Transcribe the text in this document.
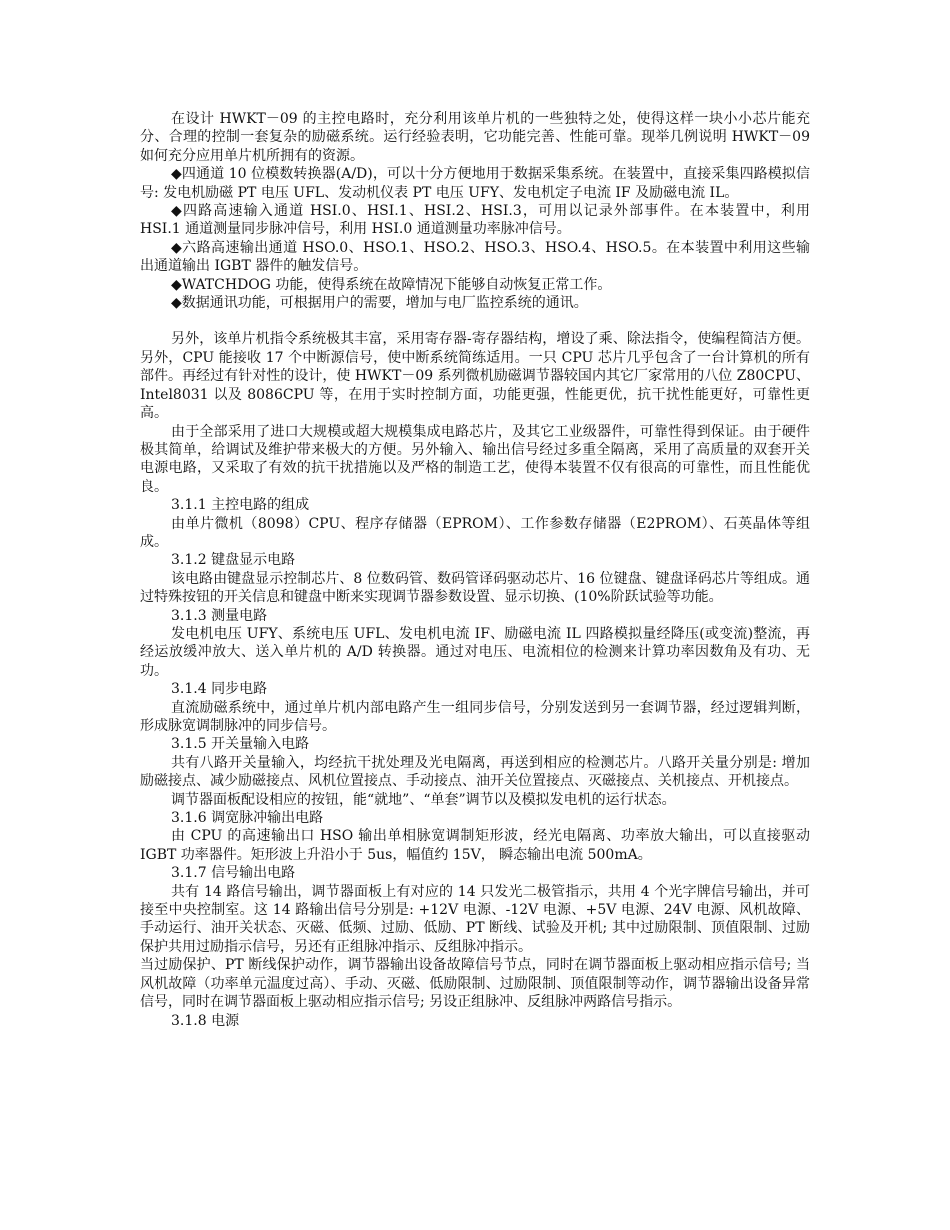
在设计 HWKT－09 的主控电路时，充分利用该单片机的一些独特之处，使得这样一块小小芯片能充分、合理的控制一套复杂的励磁系统。运行经验表明，它功能完善、性能可靠。现举几例说明 HWKT－09 如何充分应用单片机所拥有的资源。

◆四通道 10 位模数转换器(A/D)，可以十分方便地用于数据采集系统。在装置中，直接采集四路模拟信号: 发电机励磁 PT 电压 UFL、发动机仪表 PT 电压 UFY、发电机定子电流 IF 及励磁电流 IL。

◆四路高速输入通道 HSI.0、HSI.1、HSI.2、HSI.3，可用以记录外部事件。在本装置中，利用 HSI.1 通道测量同步脉冲信号，利用 HSI.0 通道测量功率脉冲信号。

◆六路高速输出通道 HSO.0、HSO.1、HSO.2、HSO.3、HSO.4、HSO.5。在本装置中利用这些输出通道输出 IGBT 器件的触发信号。

◆WATCHDOG 功能，使得系统在故障情况下能够自动恢复正常工作。

◆数据通讯功能，可根据用户的需要，增加与电厂监控系统的通讯。

另外，该单片机指令系统极其丰富，采用寄存器-寄存器结构，增设了乘、除法指令，使编程简洁方便。另外，CPU 能接收 17 个中断源信号，使中断系统简练适用。一只 CPU 芯片几乎包含了一台计算机的所有部件。再经过有针对性的设计，使 HWKT－09 系列微机励磁调节器较国内其它厂家常用的八位 Z80CPU、Intel8031 以及 8086CPU 等，在用于实时控制方面，功能更强，性能更优，抗干扰性能更好，可靠性更高。

由于全部采用了进口大规模或超大规模集成电路芯片，及其它工业级器件，可靠性得到保证。由于硬件极其简单，给调试及维护带来极大的方便。另外输入、输出信号经过多重全隔离，采用了高质量的双套开关电源电路，又采取了有效的抗干扰措施以及严格的制造工艺，使得本装置不仅有很高的可靠性，而且性能优良。

3.1.1 主控电路的组成

由单片微机（8098）CPU、程序存储器（EPROM）、工作参数存储器（E2PROM）、石英晶体等组成。

3.1.2 键盘显示电路

该电路由键盘显示控制芯片、8 位数码管、数码管译码驱动芯片、16 位键盘、键盘译码芯片等组成。通过特殊按钮的开关信息和键盘中断来实现调节器参数设置、显示切换、(10%阶跃试验等功能。

3.1.3 测量电路

发电机电压 UFY、系统电压 UFL、发电机电流 IF、励磁电流 IL 四路模拟量经降压(或变流)整流，再经运放缓冲放大、送入单片机的 A/D 转换器。通过对电压、电流相位的检测来计算功率因数角及有功、无功。

3.1.4 同步电路

直流励磁系统中，通过单片机内部电路产生一组同步信号，分别发送到另一套调节器，经过逻辑判断，形成脉宽调制脉冲的同步信号。

3.1.5 开关量输入电路

共有八路开关量输入，均经抗干扰处理及光电隔离，再送到相应的检测芯片。八路开关量分别是: 增加励磁接点、减少励磁接点、风机位置接点、手动接点、油开关位置接点、灭磁接点、关机接点、开机接点。

调节器面板配设相应的按钮，能“就地”、“单套”调节以及模拟发电机的运行状态。

3.1.6 调宽脉冲输出电路

由 CPU 的高速输出口 HSO 输出单相脉宽调制矩形波，经光电隔离、功率放大输出，可以直接驱动 IGBT 功率器件。矩形波上升沿小于 5us，幅值约 15V， 瞬态输出电流 500mA。

3.1.7 信号输出电路

共有 14 路信号输出，调节器面板上有对应的 14 只发光二极管指示，共用 4 个光字牌信号输出，并可接至中央控制室。这 14 路输出信号分别是: +12V 电源、-12V 电源、+5V 电源、24V 电源、风机故障、手动运行、油开关状态、灭磁、低频、过励、低励、PT 断线、试验及开机; 其中过励限制、顶值限制、过励保护共用过励指示信号，另还有正组脉冲指示、反组脉冲指示。

当过励保护、PT 断线保护动作，调节器输出设备故障信号节点，同时在调节器面板上驱动相应指示信号; 当风机故障（功率单元温度过高）、手动、灭磁、低励限制、过励限制、顶值限制等动作，调节器输出设备异常信号，同时在调节器面板上驱动相应指示信号; 另设正组脉冲、反组脉冲两路信号指示。

3.1.8 电源
